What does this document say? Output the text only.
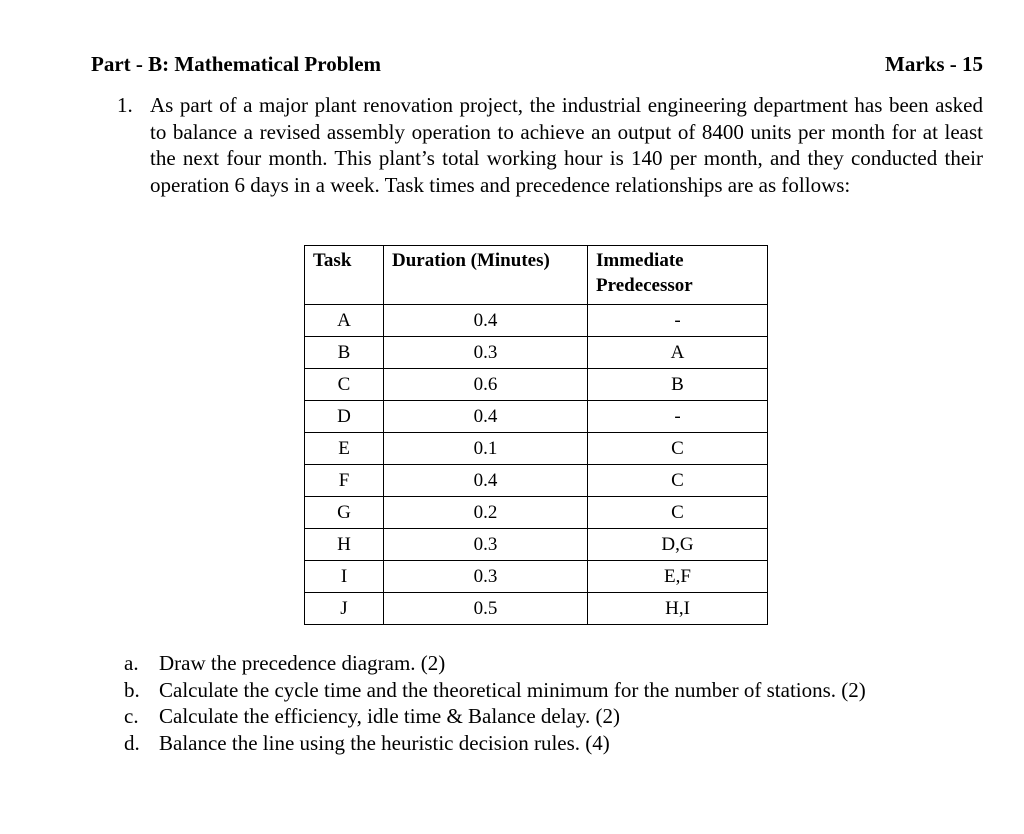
Part - B: Mathematical Problem	Marks - 15
1. As part of a major plant renovation project, the industrial engineering department has been asked to balance a revised assembly operation to achieve an output of 8400 units per month for at least the next four month. This plant’s total working hour is 140 per month, and they conducted their operation 6 days in a week. Task times and precedence relationships are as follows:
Task	Duration (Minutes)	Immediate
Predecessor

A	0.4	-
B	0.3	A
C	0.6	B
D	0.4	-
E	0.1	C
F	0.4	C
G	0.2	C
H	0.3	D,G
I	0.3	E,F
J	0.5	H,I
a. Draw the precedence diagram. (2)
b. Calculate the cycle time and the theoretical minimum for the number of stations. (2)
c. Calculate the efficiency, idle time & Balance delay. (2)
d. Balance the line using the heuristic decision rules. (4)
